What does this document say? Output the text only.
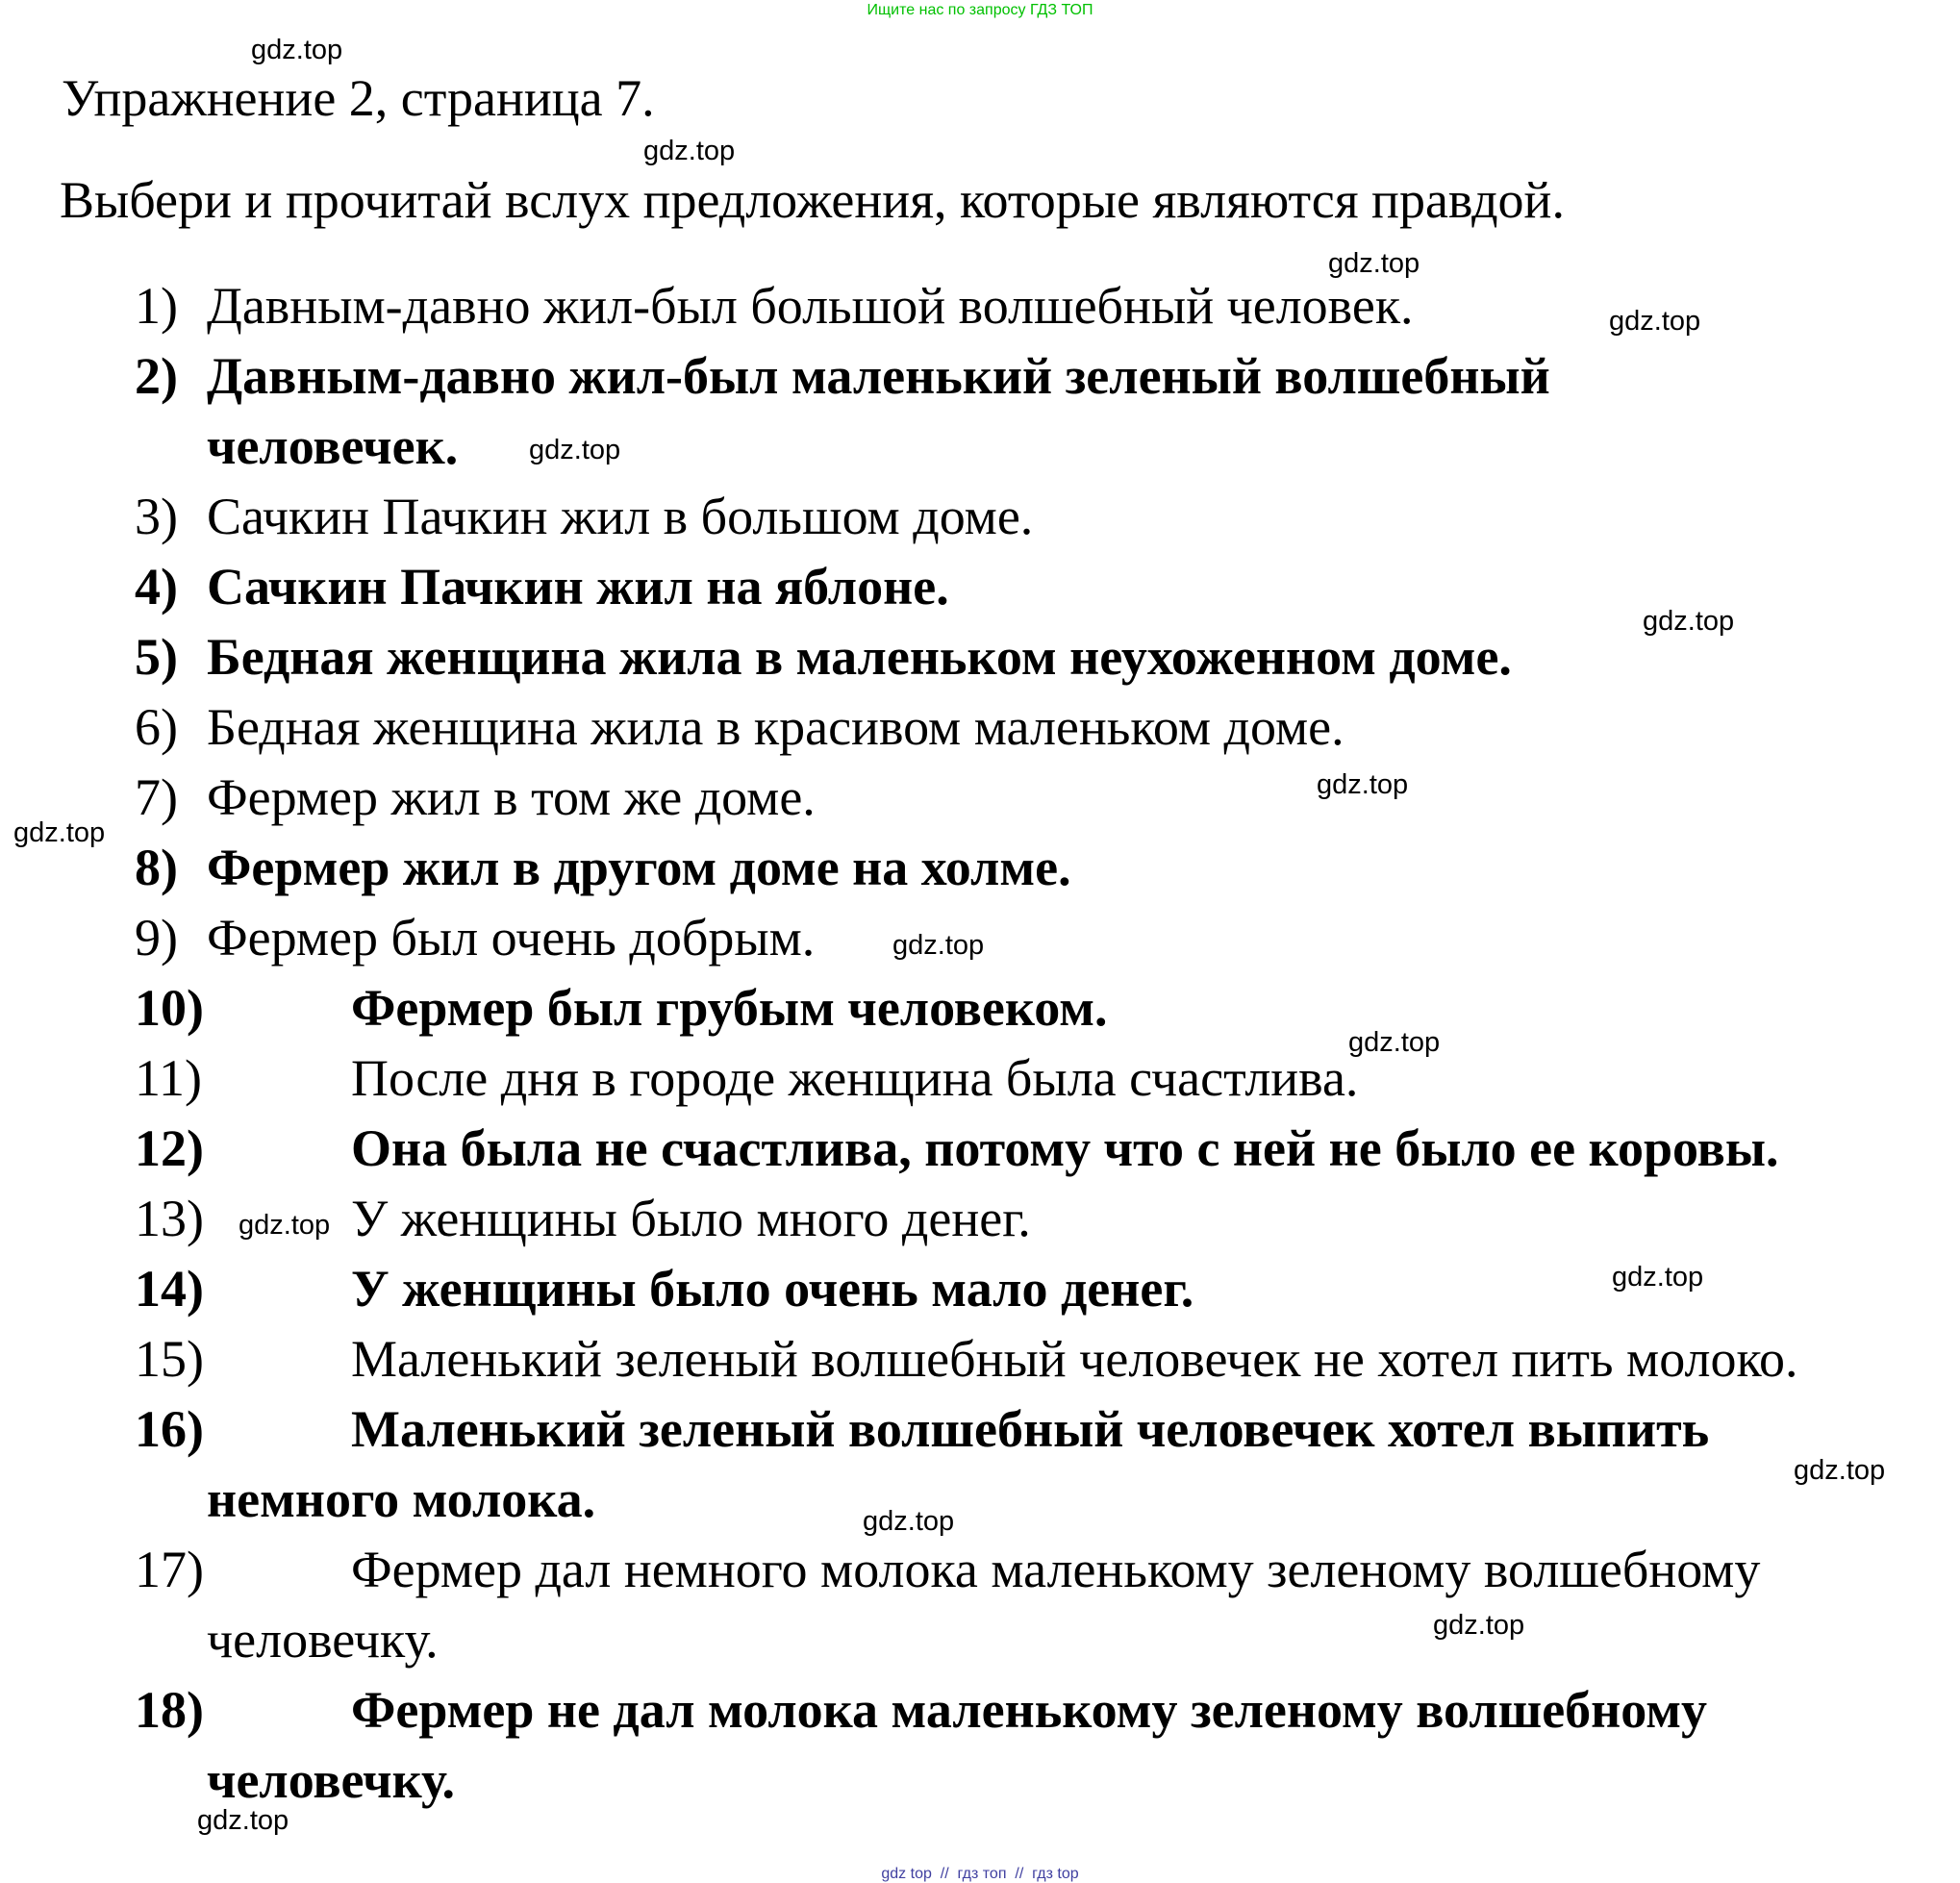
Ищите нас по запросу ГДЗ ТОП
Упражнение 2, страница 7.
Выбери и прочитай вслух предложения, которые являются правдой.
1) Давным-давно жил-был большой волшебный человек.
2) Давным-давно жил-был маленький зеленый волшебный
человечек.
3) Сачкин Пачкин жил в большом доме.
4) Сачкин Пачкин жил на яблоне.
5) Бедная женщина жила в маленьком неухоженном доме.
6) Бедная женщина жила в красивом маленьком доме.
7) Фермер жил в том же доме.
8) Фермер жил в другом доме на холме.
9) Фермер был очень добрым.
10)	Фермер был грубым человеком.
11)	После дня в городе женщина была счастлива.
12)	Она была не счастлива, потому что с ней не было ее коровы.
13)	У женщины было много денег.
14)	У женщины было очень мало денег.
15)	Маленький зеленый волшебный человечек не хотел пить молоко.
16)	Маленький зеленый волшебный человечек хотел выпить
немного молока.
17)	Фермер дал немного молока маленькому зеленому волшебному
человечку.
18)	Фермер не дал молока маленькому зеленому волшебному
человечку.
gdz.top
gdz.top
gdz.top
gdz.top
gdz.top
gdz.top
gdz.top
gdz.top
gdz.top
gdz.top
gdz.top
gdz.top
gdz.top
gdz.top
gdz.top
gdz.top
gdz top  //  гдз топ  //  гдз top
